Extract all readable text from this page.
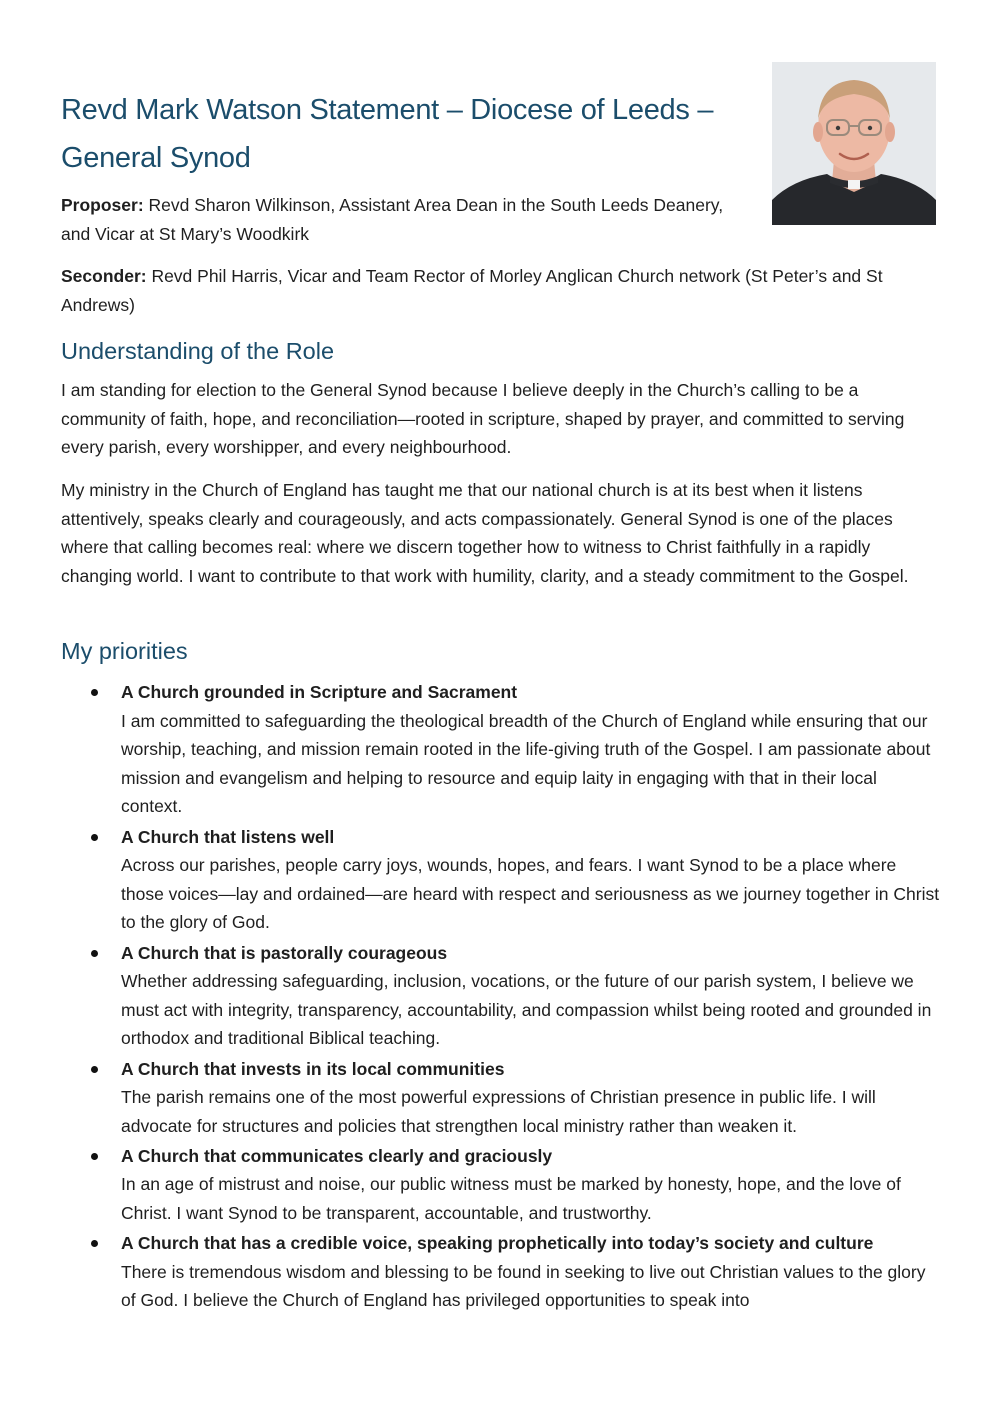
Revd Mark Watson Statement – Diocese of Leeds – General Synod

Proposer: Revd Sharon Wilkinson, Assistant Area Dean in the South Leeds Deanery, and Vicar at St Mary’s Woodkirk

Seconder: Revd Phil Harris, Vicar and Team Rector of Morley Anglican Church network (St Peter’s and St Andrews)

Understanding of the Role

I am standing for election to the General Synod because I believe deeply in the Church’s calling to be a community of faith, hope, and reconciliation—rooted in scripture, shaped by prayer, and committed to serving every parish, every worshipper, and every neighbourhood.

My ministry in the Church of England has taught me that our national church is at its best when it listens attentively, speaks clearly and courageously, and acts compassionately. General Synod is one of the places where that calling becomes real: where we discern together how to witness to Christ faithfully in a rapidly changing world. I want to contribute to that work with humility, clarity, and a steady commitment to the Gospel.

My priorities
A Church grounded in Scripture and Sacrament
I am committed to safeguarding the theological breadth of the Church of England while ensuring that our worship, teaching, and mission remain rooted in the life-giving truth of the Gospel. I am passionate about mission and evangelism and helping to resource and equip laity in engaging with that in their local context.
A Church that listens well
Across our parishes, people carry joys, wounds, hopes, and fears. I want Synod to be a place where those voices—lay and ordained—are heard with respect and seriousness as we journey together in Christ to the glory of God.
A Church that is pastorally courageous
Whether addressing safeguarding, inclusion, vocations, or the future of our parish system, I believe we must act with integrity, transparency, accountability, and compassion whilst being rooted and grounded in orthodox and traditional Biblical teaching.
A Church that invests in its local communities
The parish remains one of the most powerful expressions of Christian presence in public life. I will advocate for structures and policies that strengthen local ministry rather than weaken it.
A Church that communicates clearly and graciously
In an age of mistrust and noise, our public witness must be marked by honesty, hope, and the love of Christ. I want Synod to be transparent, accountable, and trustworthy.
A Church that has a credible voice, speaking prophetically into today’s society and culture
There is tremendous wisdom and blessing to be found in seeking to live out Christian values to the glory of God. I believe the Church of England has privileged opportunities to speak into
